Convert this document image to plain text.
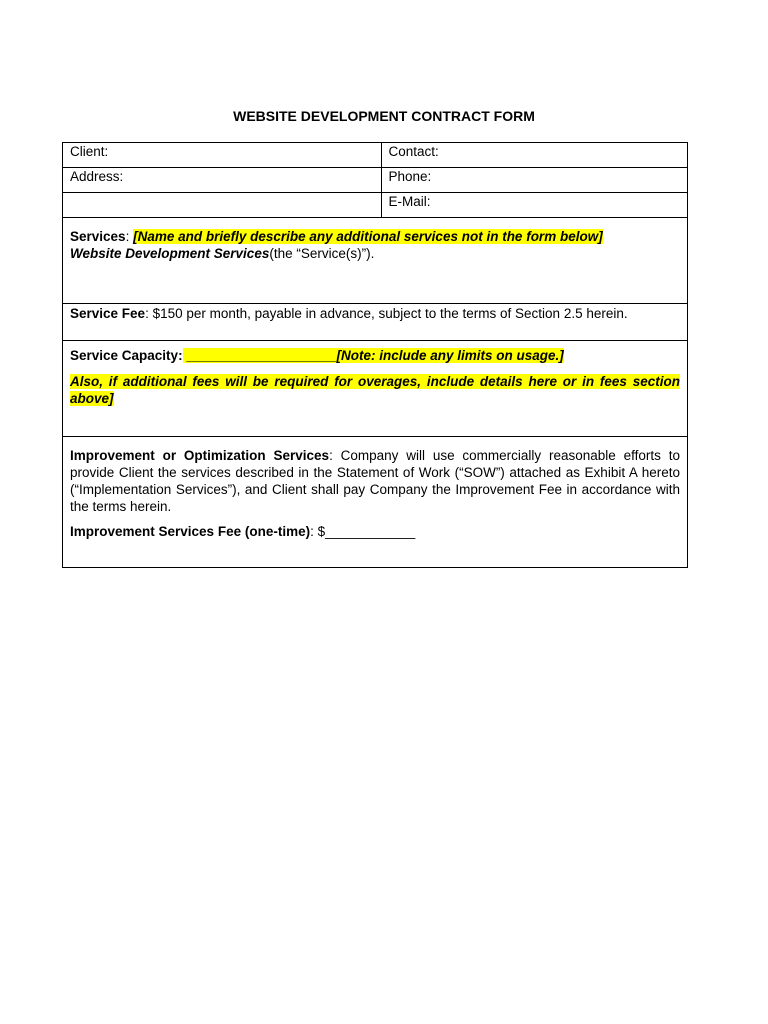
WEBSITE DEVELOPMENT CONTRACT FORM
Client:	Contact:
Address:	Phone:
	E-Mail:

Services: [Name and briefly describe any additional services not in the form below]

Website Development Services(the “Service(s)”).	

Service Fee: $150 per month, payable in advance, subject to the terms of Section 2.5 herein.	

Service Capacity: ____________________[Note: include any limits on usage.]

Also, if additional fees will be required for overages, include details here or in fees section above]	

Improvement or Optimization Services: Company will use commercially reasonable efforts to provide Client the services described in the Statement of Work (“SOW”) attached as Exhibit A hereto (“Implementation Services”), and Client shall pay Company the Improvement Fee in accordance with the terms herein.

Improvement Services Fee (one-time): $____________	
